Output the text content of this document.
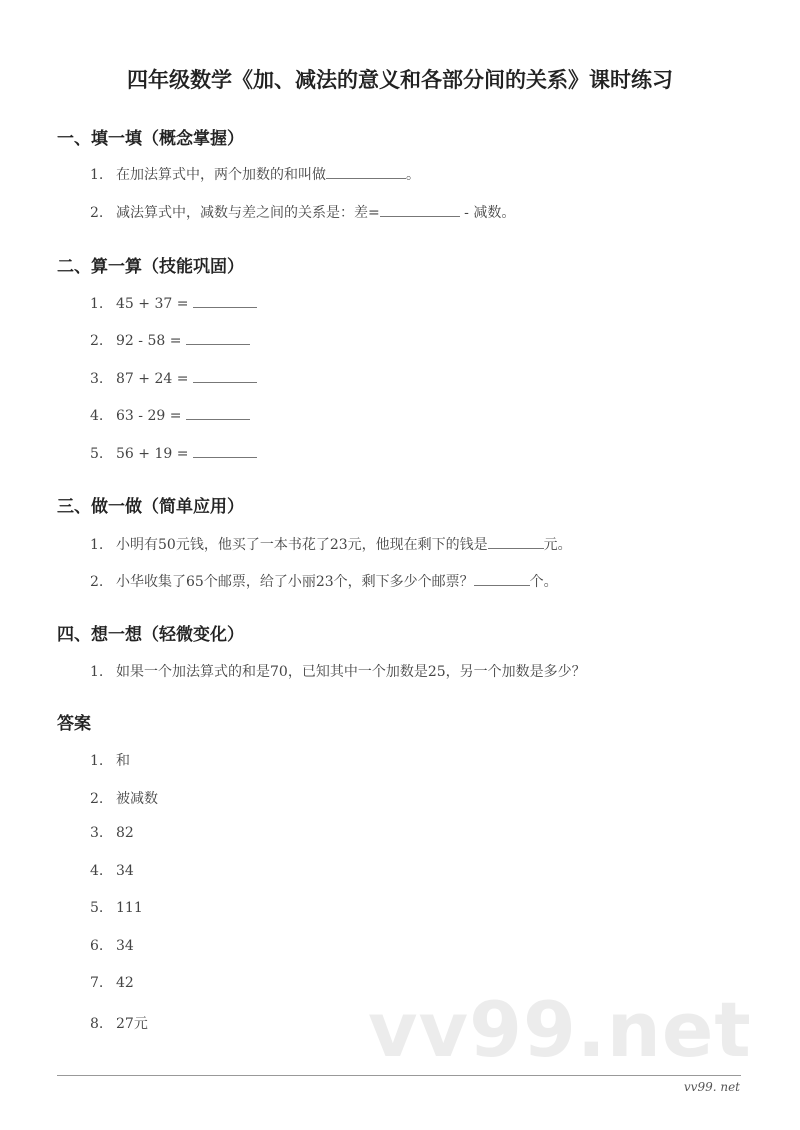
四年级数学《加、减法的意义和各部分间的关系》课时练习
一、填一填（概念掌握）
1. 在加法算式中，两个加数的和叫做	。
2. 减法算式中，减数与差之间的关系是：差=	- 减数。
二、算一算（技能巩固）
1. 45 + 37 =
2. 92 - 58 =
3. 87 + 24 =
4. 63 - 29 =
5. 56 + 19 =
三、做一做（简单应用）
1. 小明有50元钱，他买了一本书花了23元，他现在剩下的钱是	元。
2. 小华收集了65个邮票，给了小丽23个，剩下多少个邮票？	个。
四、想一想（轻微变化）
1. 如果一个加法算式的和是70，已知其中一个加数是25，另一个加数是多少？
答案
1. 和
2. 被减数
3. 82
4. 34
5. 111
6. 34
7. 42
8. 27元	vv99.net
vv99. net
